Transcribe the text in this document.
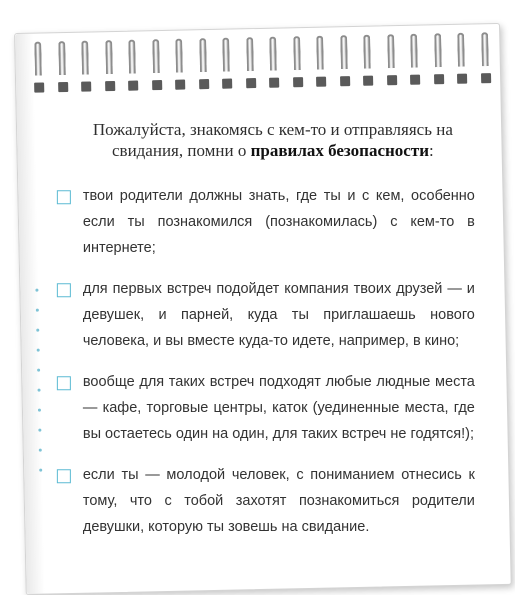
Пожалуйста, знакомясь с кем-то и отправляясь на свидания, помни о правилах безопасности:

твои родители должны знать, где ты и с кем, особенно если ты познакомился (познакомилась) с кем-то в интернете;
для первых встреч подойдет компания твоих друзей — и девушек, и парней, куда ты приглашаешь нового человека, и вы вместе куда-то идете, например, в кино;
вообще для таких встреч подходят любые людные места — кафе, торговые центры, каток (уединенные места, где вы остаетесь один на один, для таких встреч не годятся!);
если ты — молодой человек, с пониманием отнесись к тому, что с тобой захотят познакомиться родители девушки, которую ты зовешь на свидание.
